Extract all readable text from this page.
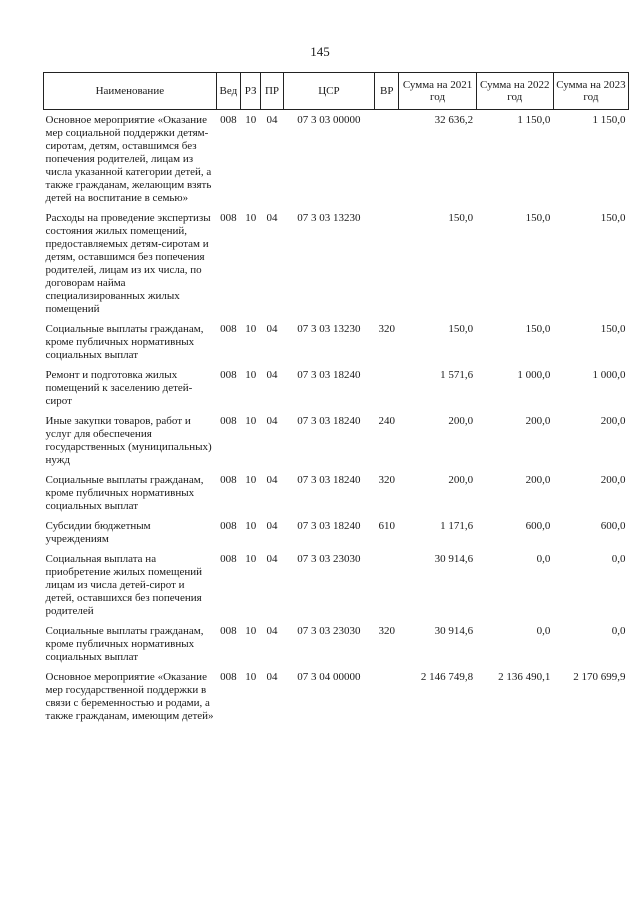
145
Наименование	Вед	РЗ	ПР	ЦСР	ВР	Сумма на 2021 год	Сумма на 2022 год	Сумма на 2023 год
Основное мероприятие «Оказание мер социальной поддержки детям-сиротам, детям, оставшимся без попечения родителей, лицам из числа указанной категории детей, а также гражданам, желающим взять детей на воспитание в семью»	008	10	04	07 3 03 00000		32 636,2	1 150,0	1 150,0
Расходы на проведение экспертизы состояния жилых помещений, предоставляемых детям-сиротам и детям, оставшимся без попечения родителей, лицам из их числа, по договорам найма специализированных жилых помещений	008	10	04	07 3 03 13230		150,0	150,0	150,0
Социальные выплаты гражданам, кроме публичных нормативных социальных выплат	008	10	04	07 3 03 13230	320	150,0	150,0	150,0
Ремонт и подготовка жилых помещений к заселению детей-сирот	008	10	04	07 3 03 18240		1 571,6	1 000,0	1 000,0
Иные закупки товаров, работ и услуг для обеспечения государственных (муниципальных) нужд	008	10	04	07 3 03 18240	240	200,0	200,0	200,0
Социальные выплаты гражданам, кроме публичных нормативных социальных выплат	008	10	04	07 3 03 18240	320	200,0	200,0	200,0
Субсидии бюджетным учреждениям	008	10	04	07 3 03 18240	610	1 171,6	600,0	600,0
Социальная выплата на приобретение жилых помещений лицам из числа детей-сирот и детей, оставшихся без попечения родителей	008	10	04	07 3 03 23030		30 914,6	0,0	0,0
Социальные выплаты гражданам, кроме публичных нормативных социальных выплат	008	10	04	07 3 03 23030	320	30 914,6	0,0	0,0
Основное мероприятие «Оказание мер государственной поддержки в связи с беременностью и родами, а также гражданам, имеющим детей»	008	10	04	07 3 04 00000		2 146 749,8	2 136 490,1	2 170 699,9
